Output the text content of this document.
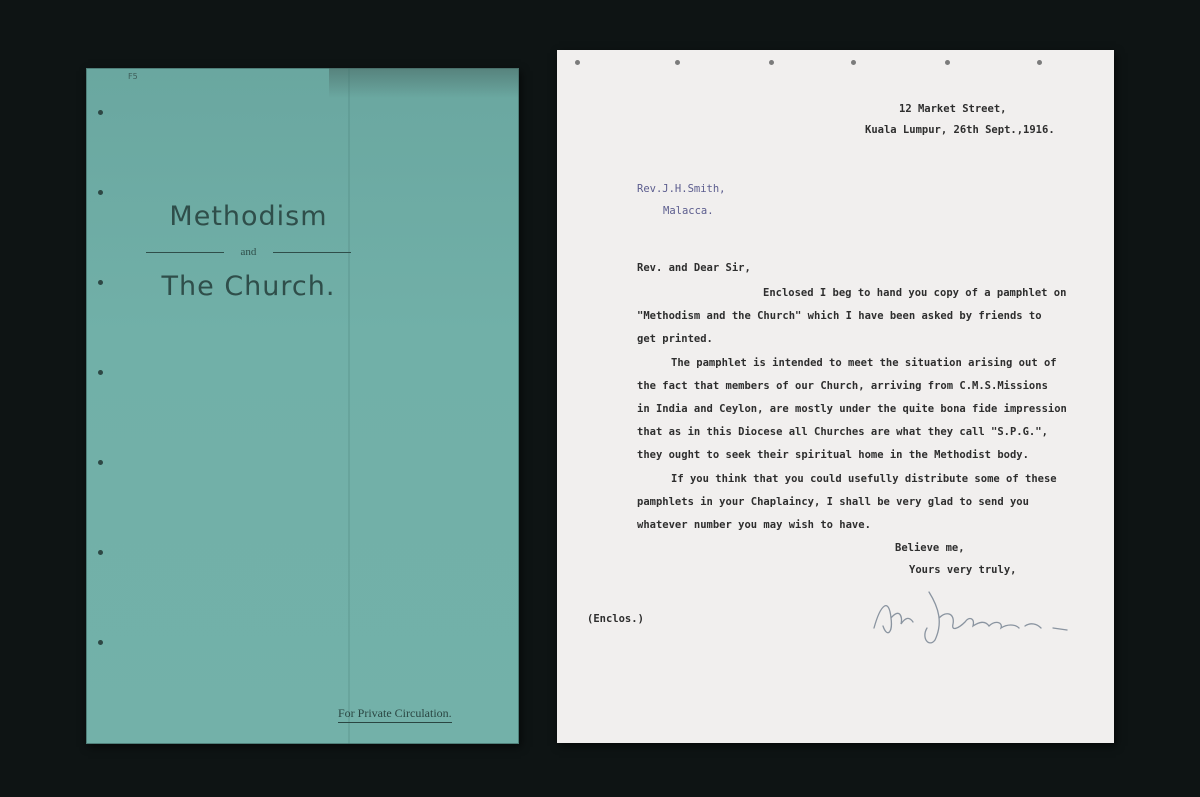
F5
Methodism
and
The Church.
For Private Circulation.
12 Market Street,
Kuala Lumpur, 26th Sept.,1916.
Rev.J.H.Smith,
Malacca.
Rev. and Dear Sir,
Enclosed I beg to hand you copy of a pamphlet on
"Methodism and the Church" which I have been asked by friends to
get printed.
The pamphlet is intended to meet the situation arising out of
the fact that members of our Church, arriving from C.M.S.Missions
in India and Ceylon, are mostly under the quite bona fide impression
that as in this Diocese all Churches are what they call "S.P.G.",
they ought to seek their spiritual home in the Methodist body.
If you think that you could usefully distribute some of these
pamphlets in your Chaplaincy, I shall be very glad to send you
whatever number you may wish to have.
Believe me,
Yours very truly,
(Enclos.)
